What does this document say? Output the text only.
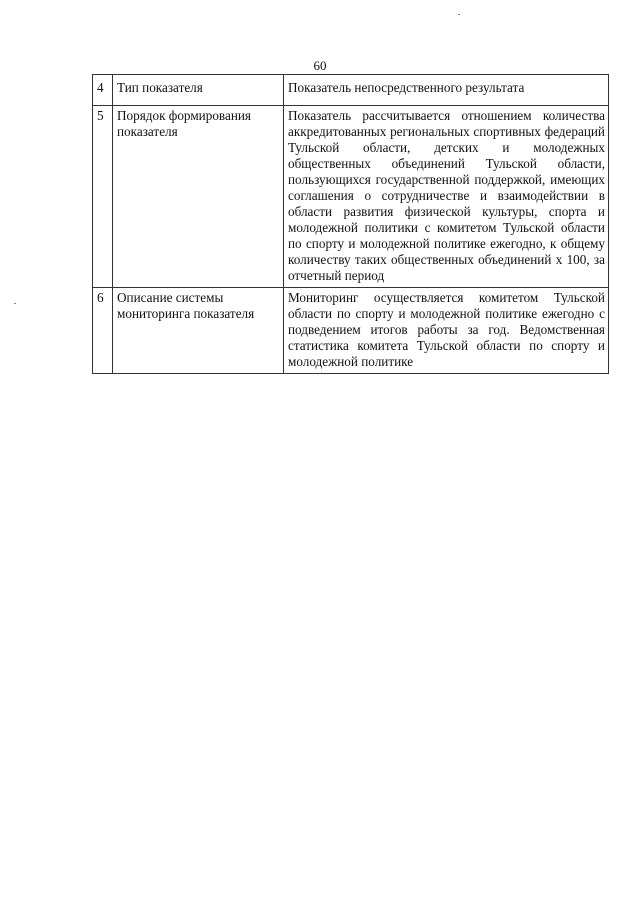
60
4	Тип показателя	Показатель непосредственного результата
5	Порядок формирования показателя	Показатель рассчитывается отношением количества аккредитованных региональных спортивных федераций Тульской области, детских и молодежных общественных объединений Тульской области, пользующихся государственной поддержкой, имеющих соглашения о сотрудничестве и взаимодействии в области развития физической культуры, спорта и молодежной политики с комитетом Тульской области по спорту и молодежной политике ежегодно, к общему количеству таких общественных объединений х 100, за отчетный период
6	Описание системы мониторинга показателя	Мониторинг осуществляется комитетом Тульской области по спорту и молодежной политике ежегодно с подведением итогов работы за год. Ведомственная статистика комитета Тульской области по спорту и молодежной политике
